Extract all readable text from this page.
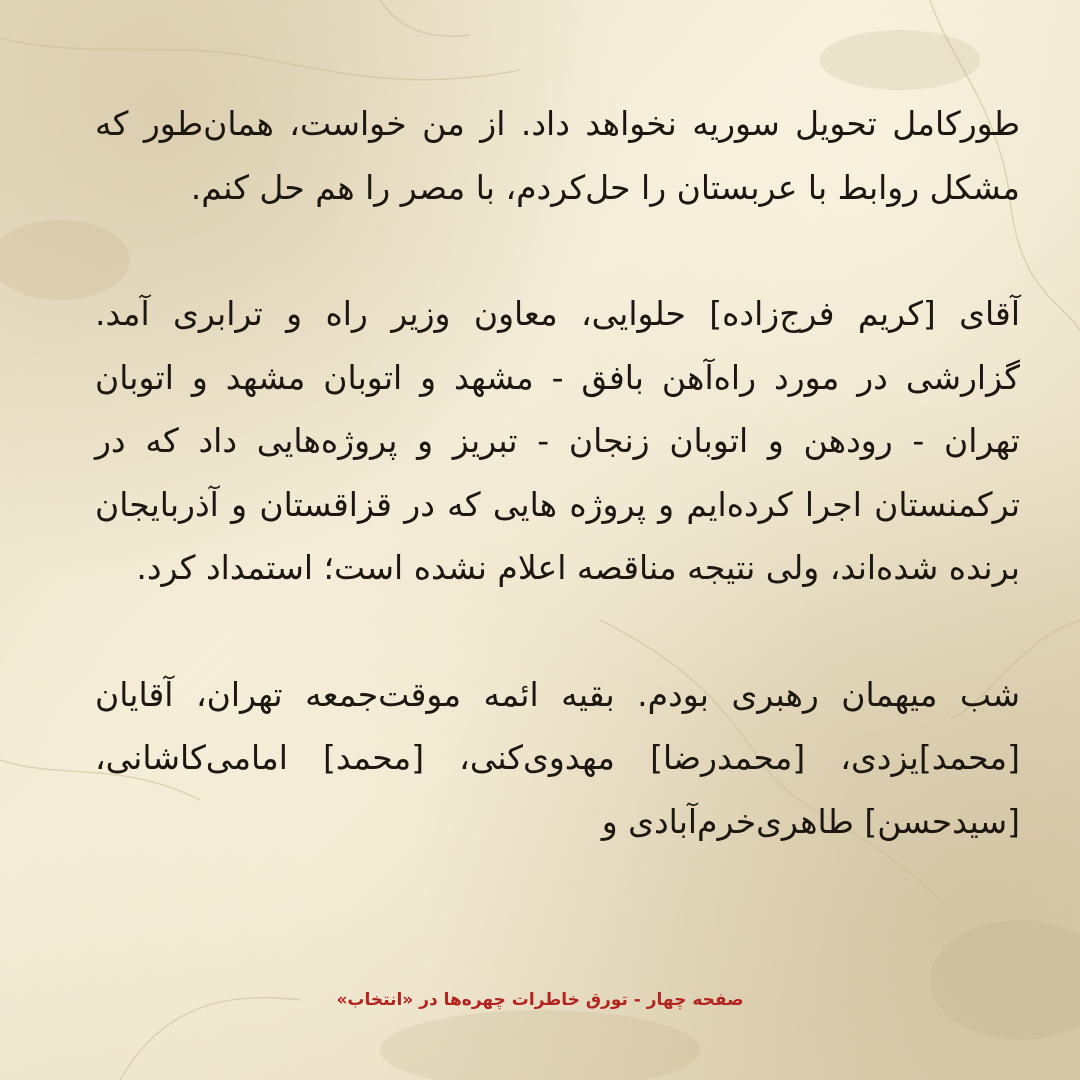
طورکامل تحویل سوریه نخواهد داد. از من خواست، همان‌طور که مشکل روابط با عربستان را حل‌کردم، با مصر را هم حل کنم.

آقای [کریم فرج‌زاده] حلوایی، معاون وزیر راه و ترابری آمد. گزارشی در مورد راه‌آهن بافق - مشهد و اتوبان مشهد و اتوبان تهران - رودهن و اتوبان زنجان - تبریز و پروژه‌هایی داد که در ترکمنستان اجرا کرده‌ایم و پروژه هایی که در قزاقستان و آذربایجان برنده شده‌اند، ولی نتیجه مناقصه اعلام نشده است؛ استمداد کرد.

شب میهمان رهبری بودم. بقیه ائمه موقت‌جمعه تهران، آقایان [محمد]یزدی، [محمدرضا] مهدوی‌کنی، [محمد] امامی‌کاشانی، [سیدحسن] طاهری‌خرم‌آبادی و

صفحه چهار - تورق خاطرات چهره‌ها در «انتخاب»
